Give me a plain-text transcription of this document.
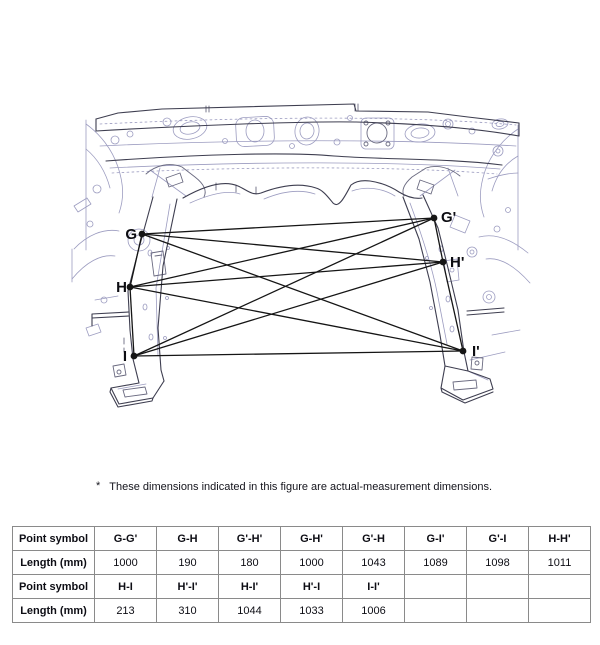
G
H
I
G'
H'
I'
* These dimensions indicated in this figure are actual-measurement dimensions.
Point symbol	G-G'	G-H	G'-H'	G-H'	G'-H	G-I'	G'-I	H-H'
Length (mm)	1000	190	180	1000	1043	1089	1098	1011
Point symbol	H-I	H'-I'	H-I'	H'-I	I-I'			
Length (mm)	213	310	1044	1033	1006			
